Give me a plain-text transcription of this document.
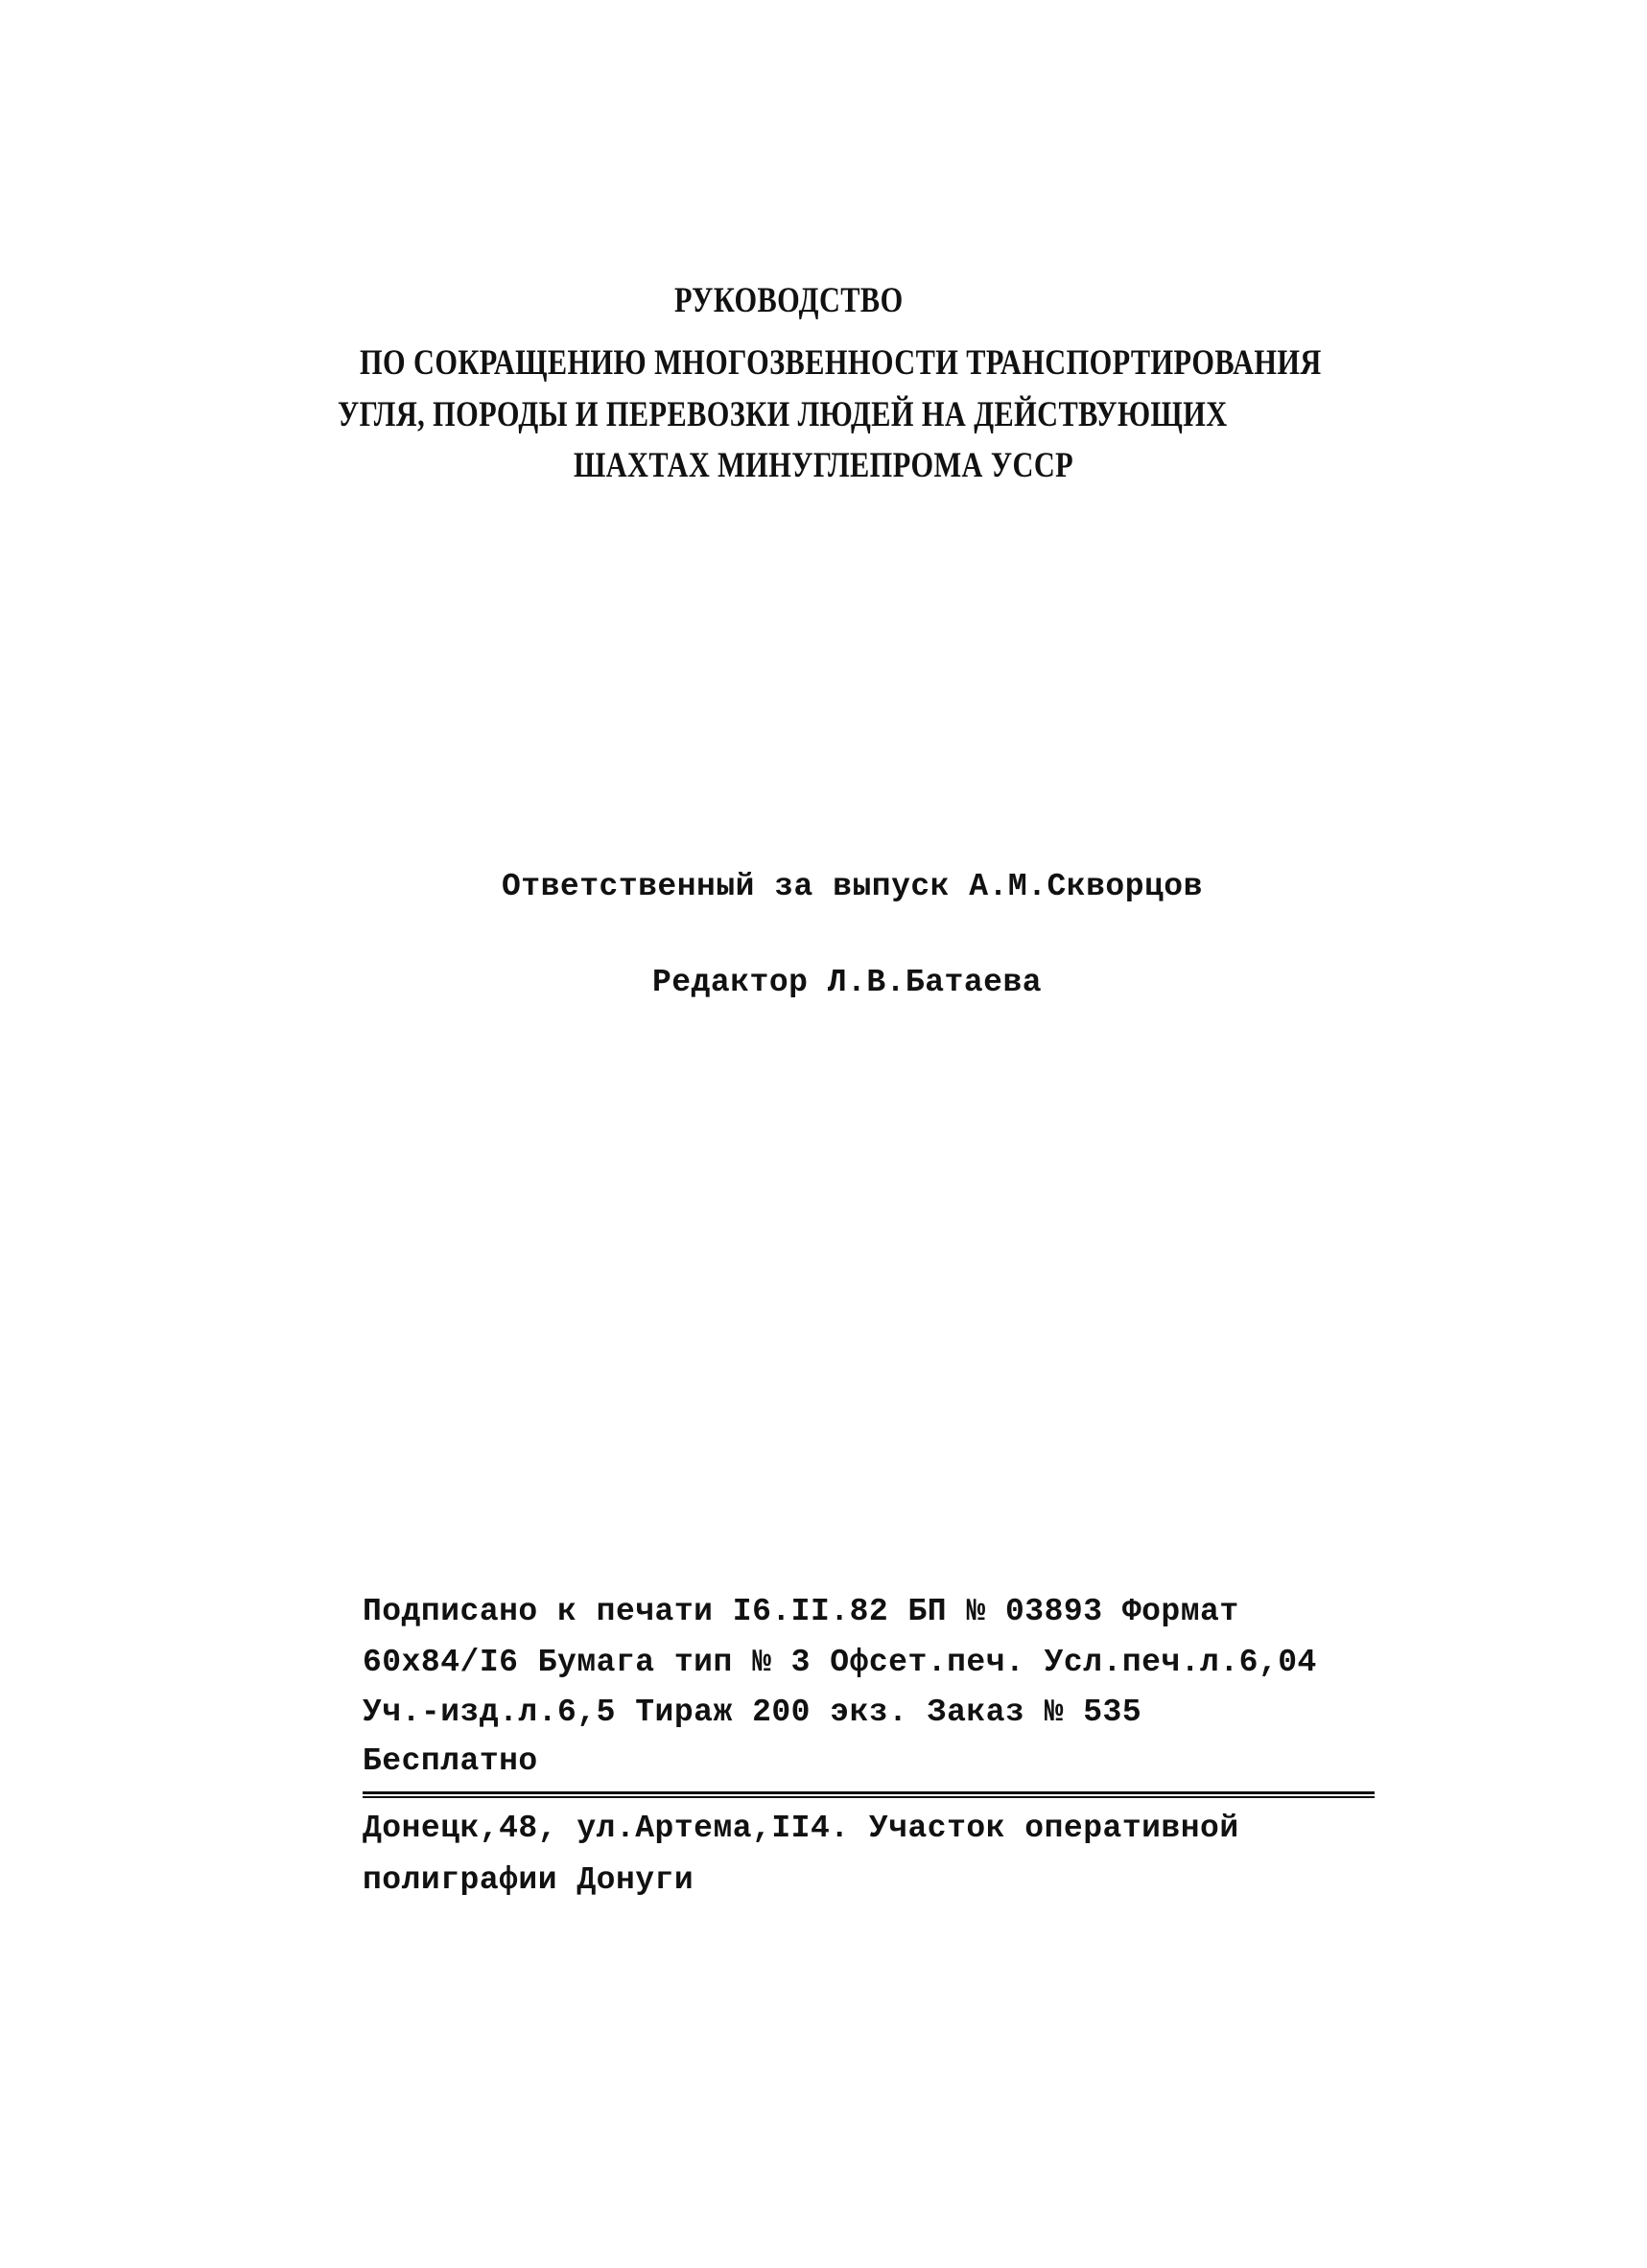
РУКОВОДСТВО
ПО СОКРАЩЕНИЮ МНОГОЗВЕННОСТИ ТРАНСПОРТИРОВАНИЯ
УГЛЯ, ПОРОДЫ И ПЕРЕВОЗКИ ЛЮДЕЙ НА ДЕЙСТВУЮЩИХ
ШАХТАХ МИНУГЛЕПРОМА УССР
Ответственный за выпуск А.М.Скворцов
Редактор Л.В.Батаева
Подписано к печати I6.II.82 БП № 03893 Формат
60х84/I6 Бумага тип № 3 Офсет.печ. Усл.печ.л.6,04
Уч.-изд.л.6,5 Тираж 200 экз. Заказ № 535
Бесплатно
Донецк,48, ул.Артема,II4. Участок оперативной
полиграфии Донуги
